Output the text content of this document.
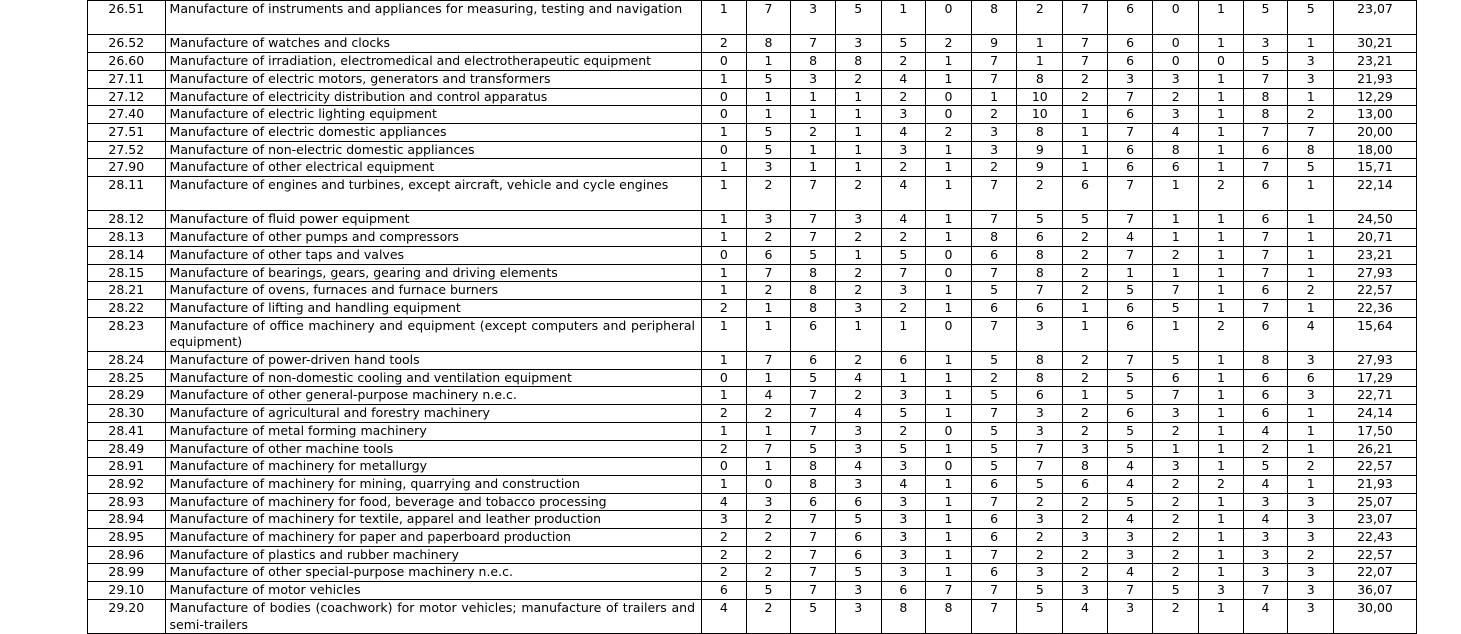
26.51	Manufacture of instruments and appliances for measuring, testing and navigation	1	7	3	5	1	0	8	2	7	6	0	1	5	5	23,07
26.52	Manufacture of watches and clocks	2	8	7	3	5	2	9	1	7	6	0	1	3	1	30,21
26.60	Manufacture of irradiation, electromedical and electrotherapeutic equipment	0	1	8	8	2	1	7	1	7	6	0	0	5	3	23,21
27.11	Manufacture of electric motors, generators and transformers	1	5	3	2	4	1	7	8	2	3	3	1	7	3	21,93
27.12	Manufacture of electricity distribution and control apparatus	0	1	1	1	2	0	1	10	2	7	2	1	8	1	12,29
27.40	Manufacture of electric lighting equipment	0	1	1	1	3	0	2	10	1	6	3	1	8	2	13,00
27.51	Manufacture of electric domestic appliances	1	5	2	1	4	2	3	8	1	7	4	1	7	7	20,00
27.52	Manufacture of non-electric domestic appliances	0	5	1	1	3	1	3	9	1	6	8	1	6	8	18,00
27.90	Manufacture of other electrical equipment	1	3	1	1	2	1	2	9	1	6	6	1	7	5	15,71
28.11	Manufacture of engines and turbines, except aircraft, vehicle and cycle engines	1	2	7	2	4	1	7	2	6	7	1	2	6	1	22,14
28.12	Manufacture of fluid power equipment	1	3	7	3	4	1	7	5	5	7	1	1	6	1	24,50
28.13	Manufacture of other pumps and compressors	1	2	7	2	2	1	8	6	2	4	1	1	7	1	20,71
28.14	Manufacture of other taps and valves	0	6	5	1	5	0	6	8	2	7	2	1	7	1	23,21
28.15	Manufacture of bearings, gears, gearing and driving elements	1	7	8	2	7	0	7	8	2	1	1	1	7	1	27,93
28.21	Manufacture of ovens, furnaces and furnace burners	1	2	8	2	3	1	5	7	2	5	7	1	6	2	22,57
28.22	Manufacture of lifting and handling equipment	2	1	8	3	2	1	6	6	1	6	5	1	7	1	22,36
28.23	Manufacture of office machinery and equipment (except computers and peripheral equipment)	1	1	6	1	1	0	7	3	1	6	1	2	6	4	15,64
28.24	Manufacture of power-driven hand tools	1	7	6	2	6	1	5	8	2	7	5	1	8	3	27,93
28.25	Manufacture of non-domestic cooling and ventilation equipment	0	1	5	4	1	1	2	8	2	5	6	1	6	6	17,29
28.29	Manufacture of other general-purpose machinery n.e.c.	1	4	7	2	3	1	5	6	1	5	7	1	6	3	22,71
28.30	Manufacture of agricultural and forestry machinery	2	2	7	4	5	1	7	3	2	6	3	1	6	1	24,14
28.41	Manufacture of metal forming machinery	1	1	7	3	2	0	5	3	2	5	2	1	4	1	17,50
28.49	Manufacture of other machine tools	2	7	5	3	5	1	5	7	3	5	1	1	2	1	26,21
28.91	Manufacture of machinery for metallurgy	0	1	8	4	3	0	5	7	8	4	3	1	5	2	22,57
28.92	Manufacture of machinery for mining, quarrying and construction	1	0	8	3	4	1	6	5	6	4	2	2	4	1	21,93
28.93	Manufacture of machinery for food, beverage and tobacco processing	4	3	6	6	3	1	7	2	2	5	2	1	3	3	25,07
28.94	Manufacture of machinery for textile, apparel and leather production	3	2	7	5	3	1	6	3	2	4	2	1	4	3	23,07
28.95	Manufacture of machinery for paper and paperboard production	2	2	7	6	3	1	6	2	3	3	2	1	3	3	22,43
28.96	Manufacture of plastics and rubber machinery	2	2	7	6	3	1	7	2	2	3	2	1	3	2	22,57
28.99	Manufacture of other special-purpose machinery n.e.c.	2	2	7	5	3	1	6	3	2	4	2	1	3	3	22,07
29.10	Manufacture of motor vehicles	6	5	7	3	6	7	7	5	3	7	5	3	7	3	36,07
29.20	Manufacture of bodies (coachwork) for motor vehicles; manufacture of trailers and semi-trailers	4	2	5	3	8	8	7	5	4	3	2	1	4	3	30,00
